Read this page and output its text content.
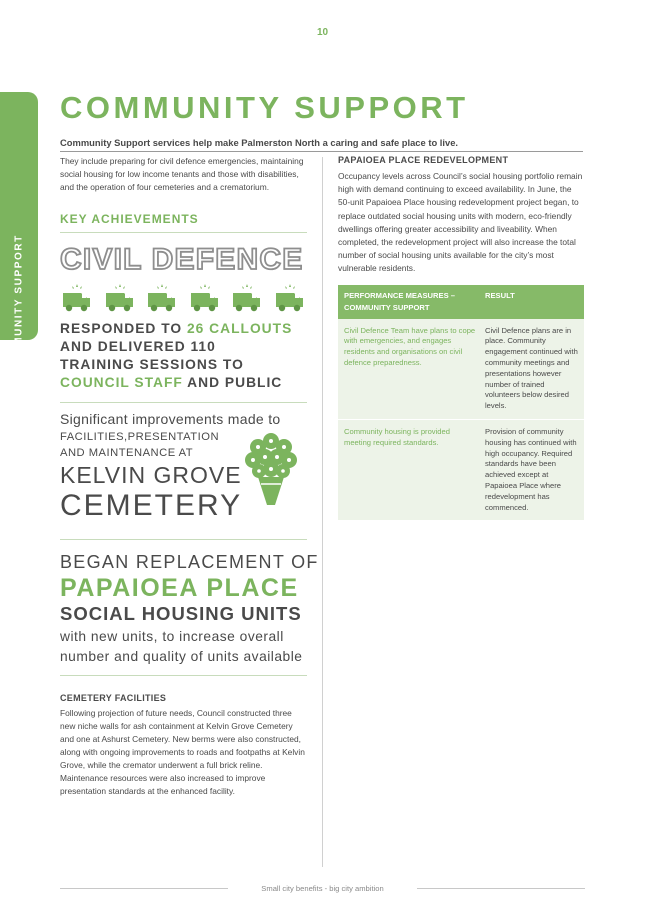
10
COMMUNITY SUPPORT
COMMUNITY SUPPORT
Community Support services help make Palmerston North a caring and safe place to live.

They include preparing for civil defence emergencies, maintaining social housing for low income tenants and those with disabilities, and the operation of four cemeteries and a crematorium.

KEY ACHIEVEMENTS
CIVIL DEFENCE
RESPONDED TO 26 CALLOUTS
AND DELIVERED 110
TRAINING SESSIONS TO
COUNCIL STAFF AND PUBLIC
Significant improvements made to
FACILITIES,PRESENTATION
AND MAINTENANCE AT
KELVIN GROVE
CEMETERY
BEGAN REPLACEMENT OF
PAPAIOEA PLACE
SOCIAL HOUSING UNITS
with new units, to increase overall
number and quality of units available
CEMETERY FACILITIES

Following projection of future needs, Council constructed three new niche walls for ash containment at Kelvin Grove Cemetery and one at Ashurst Cemetery. New berms were also constructed, along with ongoing improvements to roads and footpaths at Kelvin Grove, while the cremator underwent a full brick reline. Maintenance resources were also increased to improve presentation standards at the enhanced facility.

PAPAIOEA PLACE REDEVELOPMENT

Occupancy levels across Council’s social housing portfolio remain high with demand continuing to exceed availability. In June, the 50-unit Papaioea Place housing redevelopment project began, to replace outdated social housing units with modern, eco-friendly dwellings offering greater accessibility and liveability. When completed, the redevelopment project will also increase the total number of social housing units available for the city’s most vulnerable residents.

PERFORMANCE MEASURES – COMMUNITY SUPPORT
RESULT
Civil Defence Team have plans to cope with emergencies, and engages residents and organisations on civil defence preparedness.
Civil Defence plans are in place. Community engagement continued with community meetings and presentations however number of trained volunteers below desired levels.
Community housing is provided meeting required standards.
Provision of community housing has continued with high occupancy. Required standards have been achieved except at Papaioea Place where redevelopment has commenced.
Small city benefits - big city ambition
